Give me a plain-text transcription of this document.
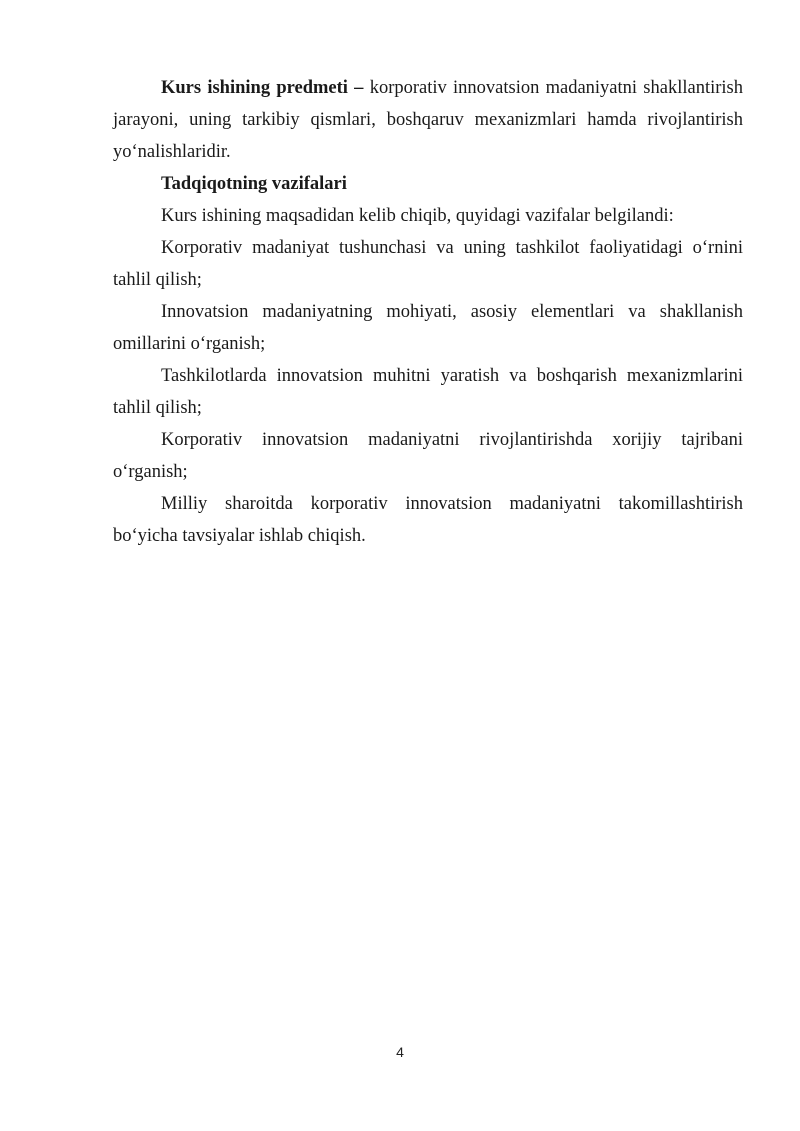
Kurs ishining predmeti – korporativ innovatsion madaniyatni shakllantirish jarayoni, uning tarkibiy qismlari, boshqaruv mexanizmlari hamda rivojlantirish yo‘nalishlaridir.

Tadqiqotning vazifalari

Kurs ishining maqsadidan kelib chiqib, quyidagi vazifalar belgilandi:

Korporativ madaniyat tushunchasi va uning tashkilot faoliyatidagi o‘rnini tahlil qilish;

Innovatsion madaniyatning mohiyati, asosiy elementlari va shakllanish omillarini o‘rganish;

Tashkilotlarda innovatsion muhitni yaratish va boshqarish mexanizmlarini tahlil qilish;

Korporativ innovatsion madaniyatni rivojlantirishda xorijiy tajribani o‘rganish;

Milliy sharoitda korporativ innovatsion madaniyatni takomillashtirish bo‘yicha tavsiyalar ishlab chiqish.

4
